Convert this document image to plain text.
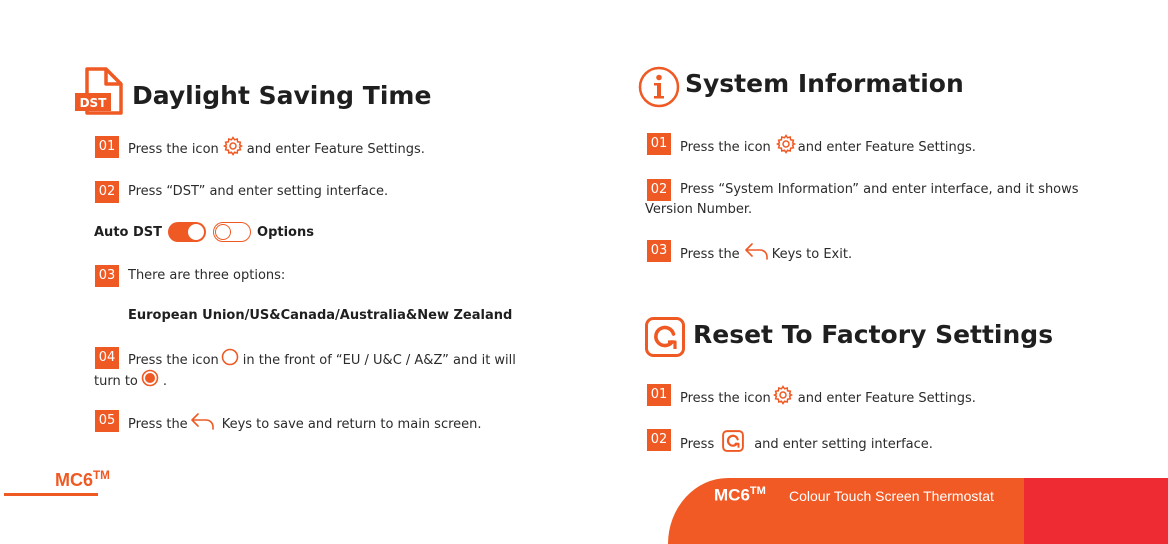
DST Daylight Saving Time
01 Press the icon and enter Feature Settings.
02 Press “DST” and enter setting interface.
Auto DST	Options
03 There are three options:
European Union/US&Canada/Australia&New Zealand
04 Press the icon in the front of “EU / U&C / A&Z” and it will
turn to .
05 Press the	Keys to save and return to main screen.
System Information
01 Press the icon and enter Feature Settings.
02 Press “System Information” and enter interface, and it shows
Version Number.
03 Press the Keys to Exit.
Reset To Factory Settings
01 Press the icon and enter Feature Settings.
02 Press	and enter setting interface.
MC6™
MC6™ Colour Touch Screen Thermostat
